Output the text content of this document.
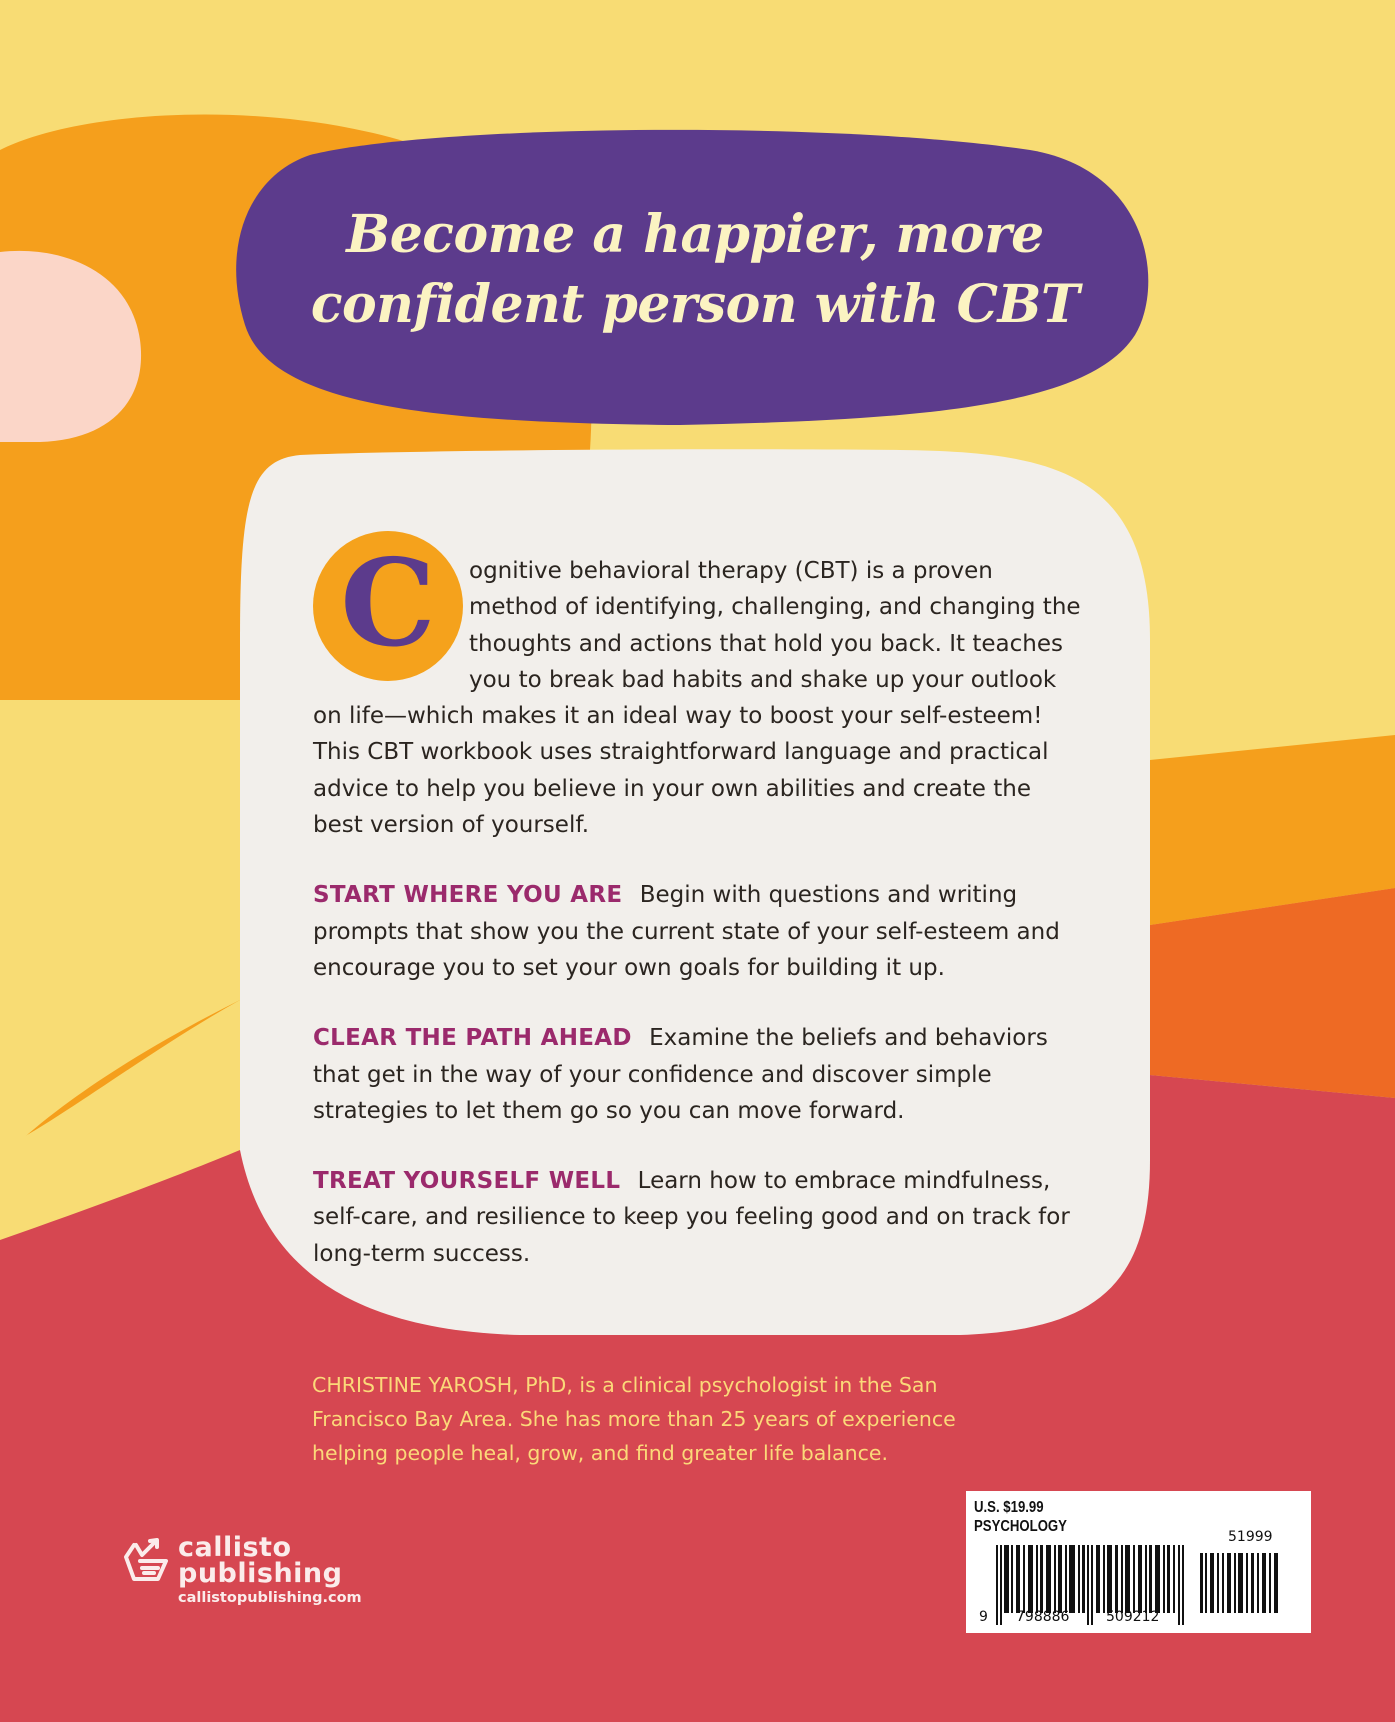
Become a happier, more
confident person with CBT

C	ognitive behavioral therapy (CBT) is a proven method of identifying, challenging, and changing the thoughts and actions that hold you back. It teaches you to break bad habits and shake up your outlook on life—which makes it an ideal way to boost your self-esteem! This CBT workbook uses straightforward language and practical advice to help you believe in your own abilities and create the best version of yourself.

START WHERE YOU ARE Begin with questions and writing prompts that show you the current state of your self-esteem and encourage you to set your own goals for building it up.

CLEAR THE PATH AHEAD Examine the beliefs and behaviors that get in the way of your confidence and discover simple strategies to let them go so you can move forward.

TREAT YOURSELF WELL Learn how to embrace mindfulness, self-care, and resilience to keep you feeling good and on track for long-term success.

CHRISTINE YAROSH, PhD, is a clinical psychologist in the San Francisco Bay Area. She has more than 25 years of experience helping people heal, grow, and find greater life balance.
callisto
publishing
callistopublishing.com
U.S. $19.99
PSYCHOLOGY
9 798886	509212
51999
